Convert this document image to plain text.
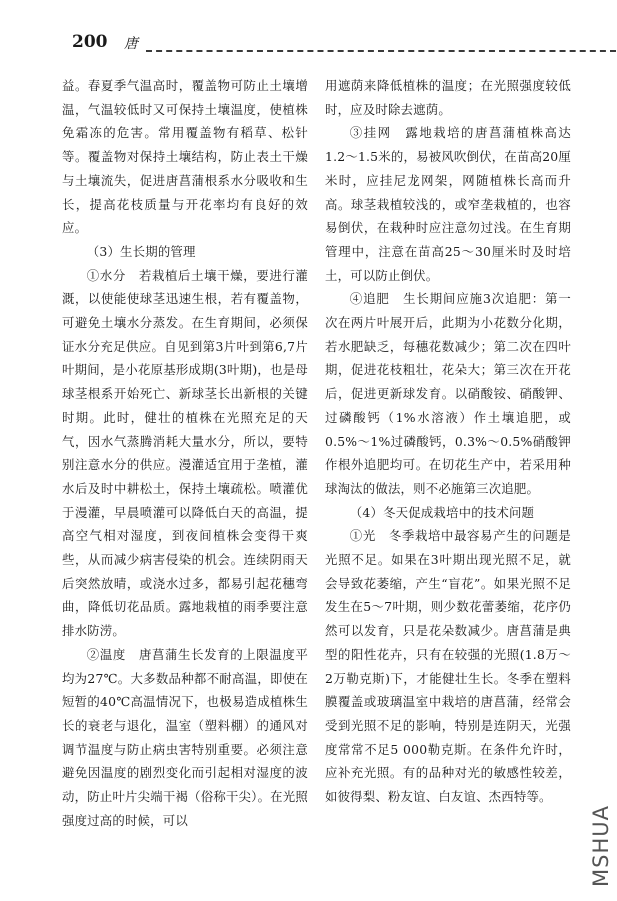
200 唐

益。春夏季气温高时，覆盖物可防止土壤增温，气温较低时又可保持土壤温度，使植株免霜冻的危害。常用覆盖物有稻草、松针等。覆盖物对保持土壤结构，防止表土干燥与土壤流失，促进唐菖蒲根系水分吸收和生长，提高花枝质量与开花率均有良好的效应。

（3）生长期的管理

①水分　若栽植后土壤干燥，要进行灌溉，以使能使球茎迅速生根，若有覆盖物，可避免土壤水分蒸发。在生育期间，必须保证水分充足供应。自见到第3片叶到第6,7片叶期间，是小花原基形成期(3叶期)，也是母球茎根系开始死亡、新球茎长出新根的关键时期。此时，健壮的植株在光照充足的天气，因水气蒸腾消耗大量水分，所以，要特别注意水分的供应。漫灌适宜用于垄植，灌水后及时中耕松土，保持土壤疏松。喷灌优于漫灌，早晨喷灌可以降低白天的高温，提高空气相对湿度，到夜间植株会变得干爽些，从而减少病害侵染的机会。连续阴雨天后突然放晴，或浇水过多，都易引起花穗弯曲，降低切花品质。露地栽植的雨季要注意排水防涝。

②温度　唐菖蒲生长发育的上限温度平均为27℃。大多数品种都不耐高温，即使在短暂的40℃高温情况下，也极易造成植株生长的衰老与退化，温室（塑料棚）的通风对调节温度与防止病虫害特别重要。必须注意避免因温度的剧烈变化而引起相对湿度的波动，防止叶片尖端干褐（俗称干尖）。在光照强度过高的时候，可以

用遮荫来降低植株的温度；在光照强度较低时，应及时除去遮荫。

③挂网　露地栽培的唐菖蒲植株高达1.2～1.5米的，易被风吹倒伏，在苗高20厘米时，应挂尼龙网架，网随植株长高而升高。球茎栽植较浅的，或窄垄栽植的，也容易倒伏，在栽种时应注意勿过浅。在生育期管理中，注意在苗高25～30厘米时及时培土，可以防止倒伏。

④追肥　生长期间应施3次追肥：第一次在两片叶展开后，此期为小花数分化期，若水肥缺乏，每穗花数减少；第二次在四叶期，促进花枝粗壮，花朵大；第三次在开花后，促进更新球发育。以硝酸铵、硝酸钾、过磷酸钙（1%水溶液）作土壤追肥，或0.5%～1%过磷酸钙，0.3%～0.5%硝酸钾作根外追肥均可。在切花生产中，若采用种球淘汰的做法，则不必施第三次追肥。

（4）冬天促成栽培中的技术问题

①光　冬季栽培中最容易产生的问题是光照不足。如果在3叶期出现光照不足，就会导致花萎缩，产生“盲花”。如果光照不足发生在5～7叶期，则少数花蕾萎缩，花序仍然可以发育，只是花朵数减少。唐菖蒲是典型的阳性花卉，只有在较强的光照(1.8万～2万勒克斯)下，才能健壮生长。冬季在塑料膜覆盖或玻璃温室中栽培的唐菖蒲，经常会受到光照不足的影响，特别是连阴天，光强度常常不足5 000勒克斯。在条件允许时，应补充光照。有的品种对光的敏感性较差，如彼得梨、粉友谊、白友谊、杰西特等。

MSHUA
